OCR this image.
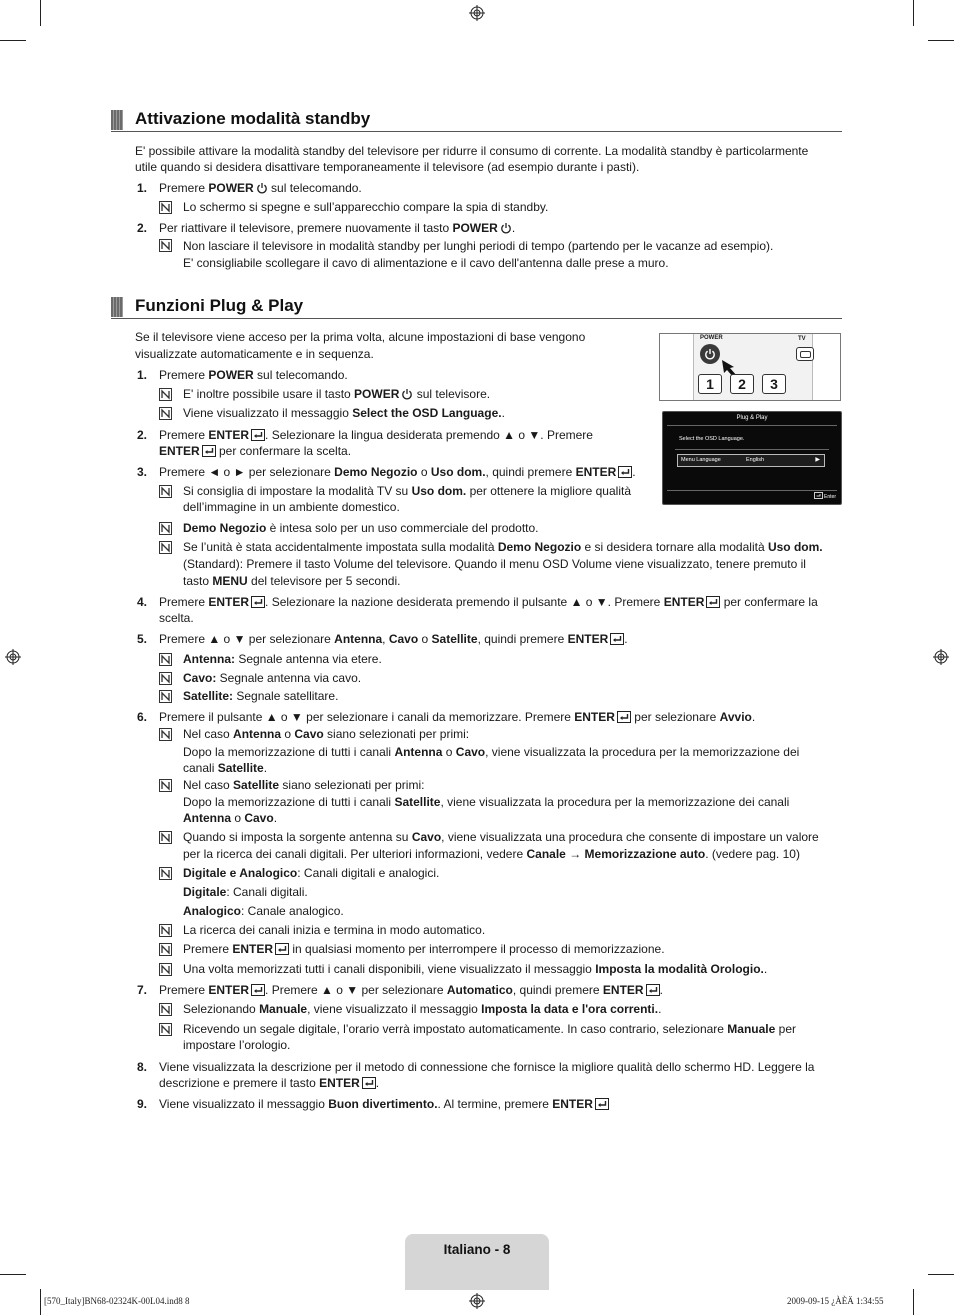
Attivazione modalità standby
E' possibile attivare la modalità standby del televisore per ridurre il consumo di corrente. La modalità standby è particolarmente
utile quando si desidera disattivare temporaneamente il televisore (ad esempio durante i pasti).
1. Premere POWER sul telecomando.
Lo schermo si spegne e sull’apparecchio compare la spia di standby.
2. Per riattivare il televisore, premere nuovamente il tasto POWER .
Non lasciare il televisore in modalità standby per lunghi periodi di tempo (partendo per le vacanze ad esempio).
E' consigliabile scollegare il cavo di alimentazione e il cavo dell'antenna dalle prese a muro.
Funzioni Plug & Play
Se il televisore viene acceso per la prima volta, alcune impostazioni di base vengono
visualizzate automaticamente e in sequenza.
POWER	TV
1	2	3
Plug & Play
Select the OSD Language.
Menu Language	English	▶
Enter
1. Premere POWER sul telecomando.
E' inoltre possibile usare il tasto POWER sul televisore.
Viene visualizzato il messaggio Select the OSD Language..
2. Premere ENTER . Selezionare la lingua desiderata premendo ▲ o ▼. Premere
ENTER per confermare la scelta.
3. Premere ◄ o ► per selezionare Demo Negozio o Uso dom., quindi premere ENTER .
Si consiglia di impostare la modalità TV su Uso dom. per ottenere la migliore qualità
dell’immagine in un ambiente domestico.
Demo Negozio è intesa solo per un uso commerciale del prodotto.
Se l’unità è stata accidentalmente impostata sulla modalità Demo Negozio e si desidera tornare alla modalità Uso dom.
(Standard): Premere il tasto Volume del televisore. Quando il menu OSD Volume viene visualizzato, tenere premuto il
tasto MENU del televisore per 5 secondi.
4. Premere ENTER . Selezionare la nazione desiderata premendo il pulsante ▲ o ▼. Premere ENTER per confermare la
scelta.
5. Premere ▲ o ▼ per selezionare Antenna, Cavo o Satellite, quindi premere ENTER .
Antenna: Segnale antenna via etere.
Cavo: Segnale antenna via cavo.
Satellite: Segnale satellitare.
6. Premere il pulsante ▲ o ▼ per selezionare i canali da memorizzare. Premere ENTER per selezionare Avvio.
Nel caso Antenna o Cavo siano selezionati per primi:
Dopo la memorizzazione di tutti i canali Antenna o Cavo, viene visualizzata la procedura per la memorizzazione dei
canali Satellite.
Nel caso Satellite siano selezionati per primi:
Dopo la memorizzazione di tutti i canali Satellite, viene visualizzata la procedura per la memorizzazione dei canali
Antenna o Cavo.
Quando si imposta la sorgente antenna su Cavo, viene visualizzata una procedura che consente di impostare un valore
per la ricerca dei canali digitali. Per ulteriori informazioni, vedere Canale → Memorizzazione auto. (vedere pag. 10)
Digitale e Analogico: Canali digitali e analogici.
Digitale: Canali digitali.
Analogico: Canale analogico.
La ricerca dei canali inizia e termina in modo automatico.
Premere ENTER in qualsiasi momento per interrompere il processo di memorizzazione.
Una volta memorizzati tutti i canali disponibili, viene visualizzato il messaggio Imposta la modalità Orologio..
7. Premere ENTER . Premere ▲ o ▼ per selezionare Automatico, quindi premere ENTER .
Selezionando Manuale, viene visualizzato il messaggio Imposta la data e l'ora correnti..
Ricevendo un segale digitale, l’orario verrà impostato automaticamente. In caso contrario, selezionare Manuale per
impostare l’orologio.
8. Viene visualizzata la descrizione per il metodo di connessione che fornisce la migliore qualità dello schermo HD. Leggere la
descrizione e premere il tasto ENTER .
9. Viene visualizzato il messaggio Buon divertimento.. Al termine, premere ENTER
Italiano - 8
[570_Italy]BN68-02324K-00L04.ind8 8	2009-09-15 ¿ÀÈÄ 1:34:55
